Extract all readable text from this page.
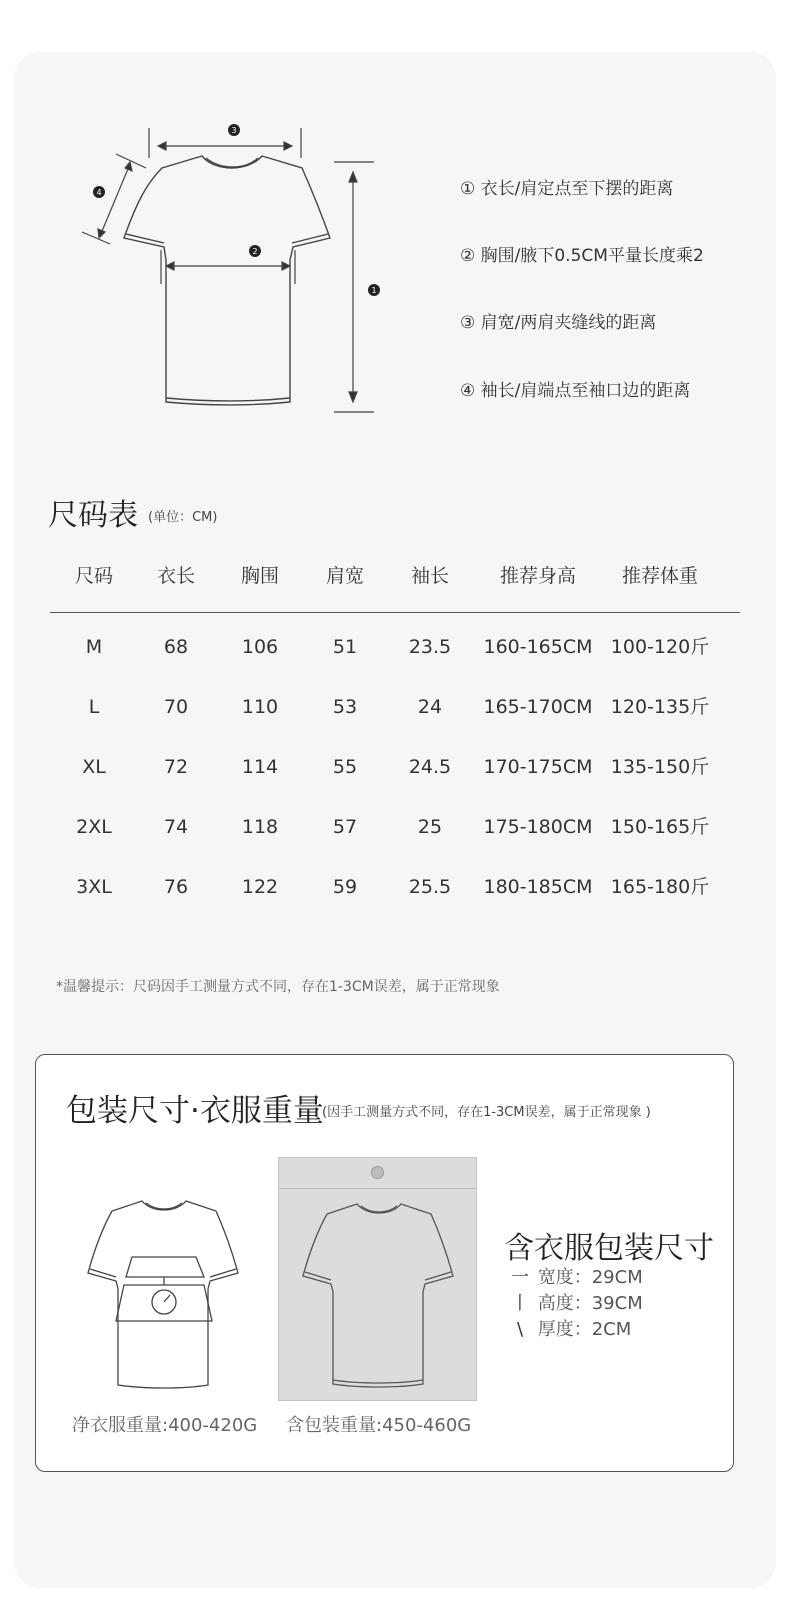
3
4
2
1
① 衣长/肩定点至下摆的距离
② 胸围/腋下0.5CM平量长度乘2
③ 肩宽/两肩夹缝线的距离
④ 袖长/肩端点至袖口边的距离
尺码表 (单位：CM)
尺码 衣长 胸围 肩宽 袖长	推荐身高 推荐体重
M	68	106	51	23.5 160-165CM 100-120斤
L	70	110	53	24 165-170CM 120-135斤
XL	72	114	55	24.5 170-175CM 135-150斤
2XL	74	118	57	25 175-180CM 150-165斤
3XL	76	122	59	25.5 180-185CM 165-180斤
*温馨提示：尺码因手工测量方式不同，存在1-3CM误差，属于正常现象
包装尺寸·衣服重量
(因手工测量方式不同，存在1-3CM误差，属于正常现象 )
净衣服重量:400-420G 含包装重量:450-460G
含衣服包装尺寸
一 宽度：29CM
丨 高度：39CM
\ 厚度：2CM
